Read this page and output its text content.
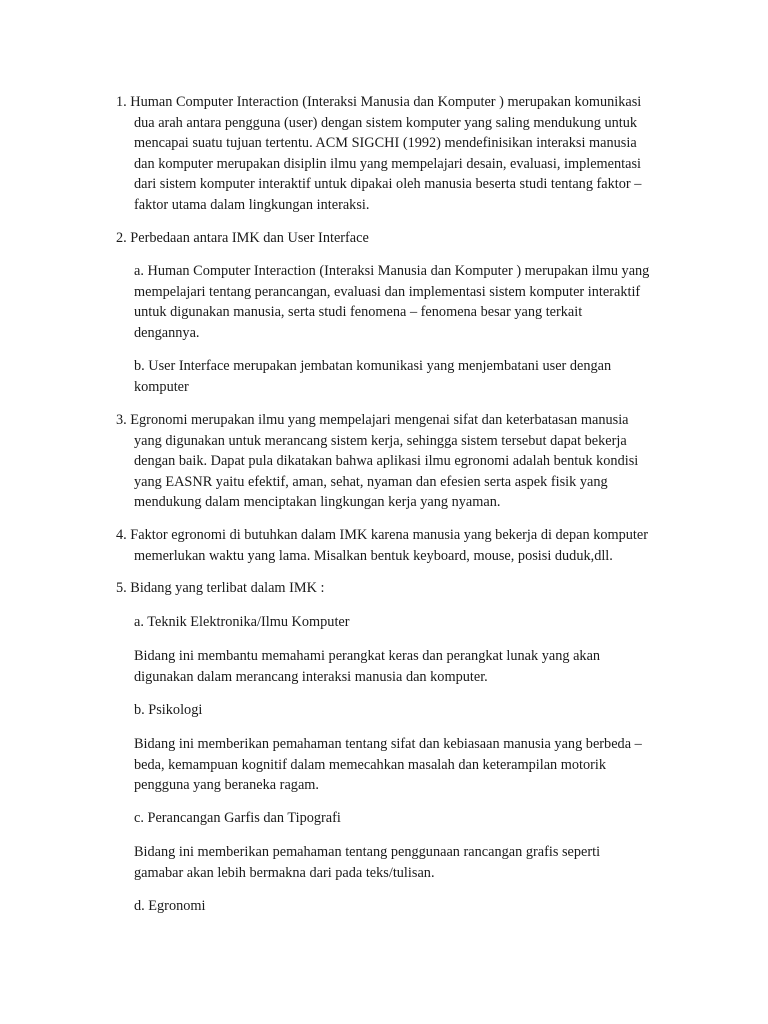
1. Human Computer Interaction (Interaksi Manusia dan Komputer ) merupakan komunikasi
dua arah antara pengguna (user) dengan sistem komputer yang saling mendukung untuk
mencapai suatu tujuan tertentu. ACM SIGCHI (1992) mendefinisikan interaksi manusia
dan komputer merupakan disiplin ilmu yang mempelajari desain, evaluasi, implementasi
dari sistem komputer interaktif untuk dipakai oleh manusia beserta studi tentang faktor –
faktor utama dalam lingkungan interaksi.

2. Perbedaan antara IMK dan User Interface

a. Human Computer Interaction (Interaksi Manusia dan Komputer ) merupakan ilmu yang
mempelajari tentang perancangan, evaluasi dan implementasi sistem komputer interaktif
untuk digunakan manusia, serta studi fenomena – fenomena besar yang terkait
dengannya.

b. User Interface merupakan jembatan komunikasi yang menjembatani user dengan
komputer

3. Egronomi merupakan ilmu yang mempelajari mengenai sifat dan keterbatasan manusia
yang digunakan untuk merancang sistem kerja, sehingga sistem tersebut dapat bekerja
dengan baik. Dapat pula dikatakan bahwa aplikasi ilmu egronomi adalah bentuk kondisi
yang EASNR yaitu efektif, aman, sehat, nyaman dan efesien serta aspek fisik yang
mendukung dalam menciptakan lingkungan kerja yang nyaman.

4. Faktor egronomi di butuhkan dalam IMK karena manusia yang bekerja di depan komputer
memerlukan waktu yang lama. Misalkan bentuk keyboard, mouse, posisi duduk,dll.

5. Bidang yang terlibat dalam IMK :

a. Teknik Elektronika/Ilmu Komputer

Bidang ini membantu memahami perangkat keras dan perangkat lunak yang akan
digunakan dalam merancang interaksi manusia dan komputer.

b. Psikologi

Bidang ini memberikan pemahaman tentang sifat dan kebiasaan manusia yang berbeda –
beda, kemampuan kognitif dalam memecahkan masalah dan keterampilan motorik
pengguna yang beraneka ragam.

c. Perancangan Garfis dan Tipografi

Bidang ini memberikan pemahaman tentang penggunaan rancangan grafis seperti
gamabar akan lebih bermakna dari pada teks/tulisan.

d. Egronomi
